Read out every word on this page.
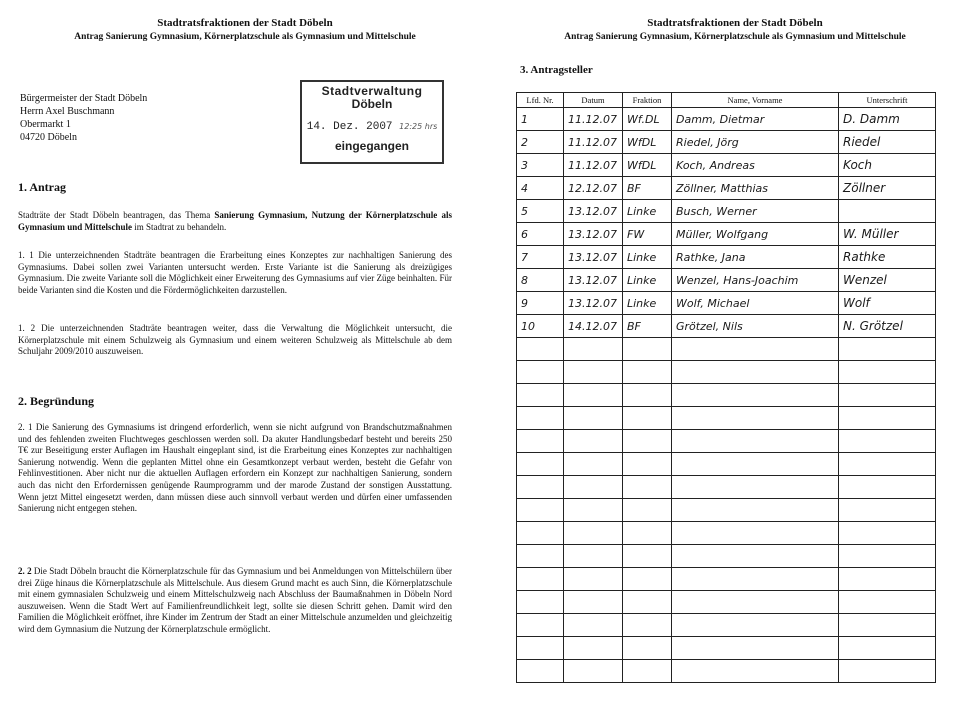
Stadtratsfraktionen der Stadt Döbeln
Antrag Sanierung Gymnasium, Körnerplatzschule als Gymnasium und Mittelschule
Bürgermeister der Stadt Döbeln
Herrn Axel Buschmann
Obermarkt 1
04720 Döbeln
Stadtverwaltung
Döbeln
14. Dez. 2007 12:25 hrs
eingegangen
1. Antrag
Stadträte der Stadt Döbeln beantragen, das Thema Sanierung Gymnasium, Nutzung der Körnerplatzschule als Gymnasium und Mittelschule im Stadtrat zu behandeln.
1. 1 Die unterzeichnenden Stadträte beantragen die Erarbeitung eines Konzeptes zur nachhaltigen Sanierung des Gymnasiums. Dabei sollen zwei Varianten untersucht werden. Erste Variante ist die Sanierung als dreizügiges Gymnasium. Die zweite Variante soll die Möglichkeit einer Erweiterung des Gymnasiums auf vier Züge beinhalten. Für beide Varianten sind die Kosten und die Fördermöglichkeiten darzustellen.
1. 2 Die unterzeichnenden Stadträte beantragen weiter, dass die Verwaltung die Möglichkeit untersucht, die Körnerplatzschule mit einem Schulzweig als Gymnasium und einem weiteren Schulzweig als Mittelschule ab dem Schuljahr 2009/2010 auszuweisen.
2. Begründung
2. 1 Die Sanierung des Gymnasiums ist dringend erforderlich, wenn sie nicht aufgrund von Brandschutzmaßnahmen und des fehlenden zweiten Fluchtweges geschlossen werden soll. Da akuter Handlungsbedarf besteht und bereits 250 T€ zur Beseitigung erster Auflagen im Haushalt eingeplant sind, ist die Erarbeitung eines Konzeptes zur nachhaltigen Sanierung notwendig. Wenn die geplanten Mittel ohne ein Gesamtkonzept verbaut werden, besteht die Gefahr von Fehlinvestitionen. Aber nicht nur die aktuellen Auflagen erfordern ein Konzept zur nachhaltigen Sanierung, sondern auch das nicht den Erfordernissen genügende Raumprogramm und der marode Zustand der sonstigen Ausstattung. Wenn jetzt Mittel eingesetzt werden, dann müssen diese auch sinnvoll verbaut werden und dürfen einer umfassenden Sanierung nicht entgegen stehen.
2. 2 Die Stadt Döbeln braucht die Körnerplatzschule für das Gymnasium und bei Anmeldungen von Mittelschülern über drei Züge hinaus die Körnerplatzschule als Mittelschule. Aus diesem Grund macht es auch Sinn, die Körnerplatzschule mit einem gymnasialen Schulzweig und einem Mittelschulzweig nach Abschluss der Baumaßnahmen in Döbeln Nord auszuweisen. Wenn die Stadt Wert auf Familienfreundlichkeit legt, sollte sie diesen Schritt gehen. Damit wird den Familien die Möglichkeit eröffnet, ihre Kinder im Zentrum der Stadt an einer Mittelschule anzumelden und gleichzeitig wird dem Gymnasium die Nutzung der Körnerplatzschule ermöglicht.
Stadtratsfraktionen der Stadt Döbeln
Antrag Sanierung Gymnasium, Körnerplatzschule als Gymnasium und Mittelschule
3. Antragsteller
Lfd. Nr.	Datum	Fraktion	Name, Vorname	Unterschrift
1	11.12.07	Wf.DL	Damm, Dietmar	D. Damm
2	11.12.07	WfDL	Riedel, Jörg	Riedel
3	11.12.07	WfDL	Koch, Andreas	Koch
4	12.12.07	BF	Zöllner, Matthias	Zöllner
5	13.12.07	Linke	Busch, Werner	
6	13.12.07	FW	Müller, Wolfgang	W. Müller
7	13.12.07	Linke	Rathke, Jana	Rathke
8	13.12.07	Linke	Wenzel, Hans-Joachim	Wenzel
9	13.12.07	Linke	Wolf, Michael	Wolf
10	14.12.07	BF	Grötzel, Nils	N. Grötzel
